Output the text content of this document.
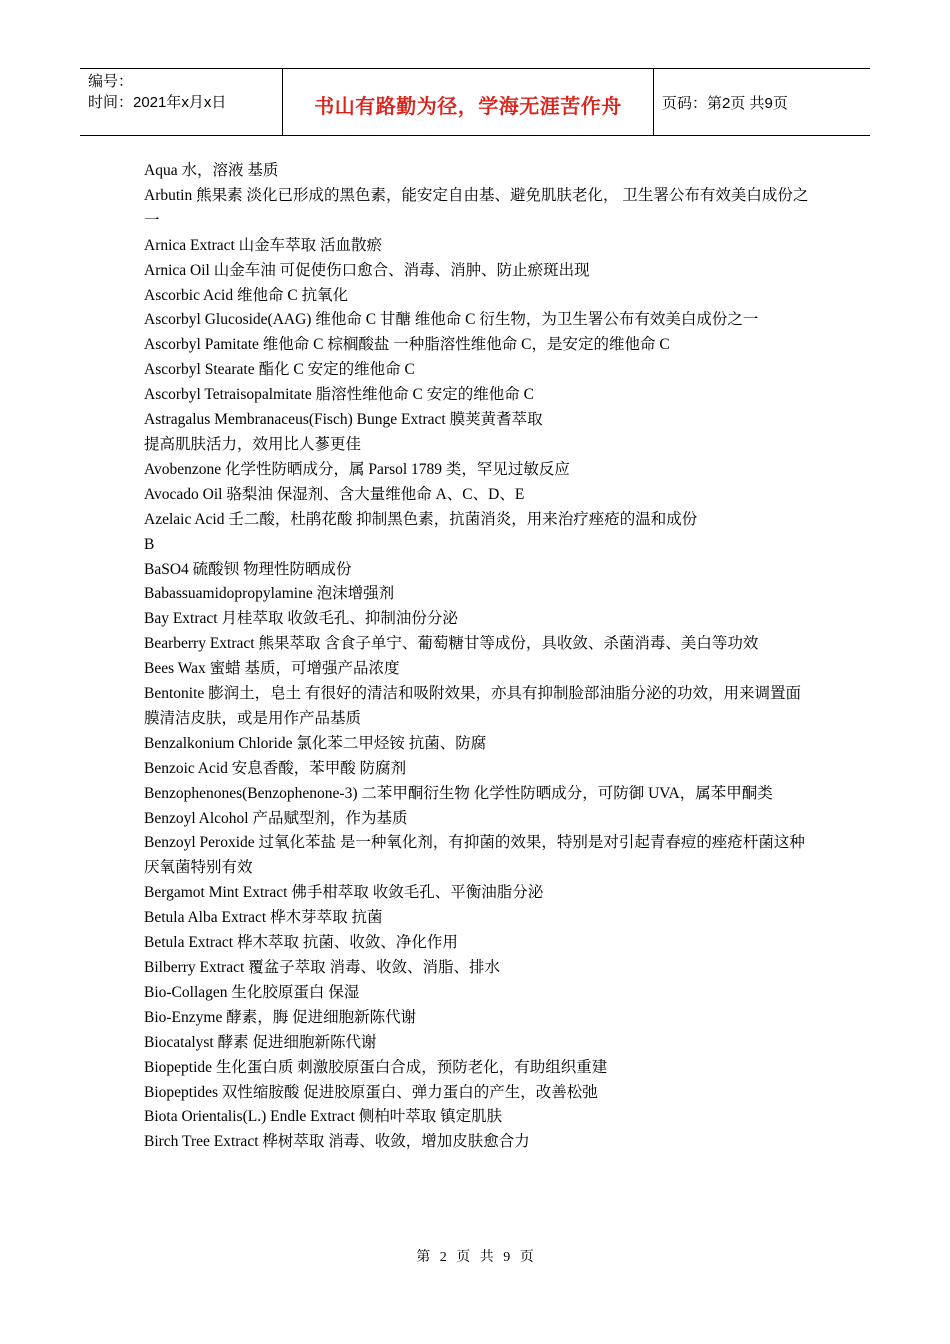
编号：
时间：2021年x月x日	书山有路勤为径，学海无涯苦作舟	页码：第2页 共9页

Aqua 水，溶液 基质

Arbutin 熊果素 淡化已形成的黑色素，能安定自由基、避免肌肤老化， 卫生署公布有效美白成份之一

Arnica Extract 山金车萃取 活血散瘀

Arnica Oil 山金车油 可促使伤口愈合、消毒、消肿、防止瘀斑出现

Ascorbic Acid 维他命 C 抗氧化

Ascorbyl Glucoside(AAG) 维他命 C 甘醣 维他命 C 衍生物，为卫生署公布有效美白成份之一

Ascorbyl Pamitate 维他命 C 棕榈酸盐 一种脂溶性维他命 C，是安定的维他命 C

Ascorbyl Stearate 酯化 C 安定的维他命 C

Ascorbyl Tetraisopalmitate 脂溶性维他命 C 安定的维他命 C

Astragalus Membranaceus(Fisch) Bunge Extract 膜荚黄耆萃取

提高肌肤活力，效用比人蔘更佳

Avobenzone 化学性防晒成分，属 Parsol 1789 类，罕见过敏反应

Avocado Oil 骆梨油 保湿剂、含大量维他命 A、C、D、E

Azelaic Acid 壬二酸，杜鹃花酸 抑制黑色素，抗菌消炎，用来治疗痤疮的温和成份

B

BaSO4 硫酸钡 物理性防晒成份

Babassuamidopropylamine 泡沫增强剂

Bay Extract 月桂萃取 收敛毛孔、抑制油份分泌

Bearberry Extract 熊果萃取 含食子单宁、葡萄糖甘等成份，具收敛、杀菌消毒、美白等功效

Bees Wax 蜜蜡 基质，可增强产品浓度

Bentonite 膨润土，皂土 有很好的清洁和吸附效果，亦具有抑制脸部油脂分泌的功效，用来调置面膜清洁皮肤，或是用作产品基质

Benzalkonium Chloride 氯化苯二甲烃铵 抗菌、防腐

Benzoic Acid 安息香酸，苯甲酸 防腐剂

Benzophenones(Benzophenone-3) 二苯甲酮衍生物 化学性防晒成分，可防御 UVA，属苯甲酮类

Benzoyl Alcohol 产品赋型剂，作为基质

Benzoyl Peroxide 过氧化苯盐 是一种氧化剂，有抑菌的效果，特别是对引起青春痘的痤疮杆菌这种厌氧菌特别有效

Bergamot Mint Extract 佛手柑萃取 收敛毛孔、平衡油脂分泌

Betula Alba Extract 桦木芽萃取 抗菌

Betula Extract 桦木萃取 抗菌、收敛、净化作用

Bilberry Extract 覆盆子萃取 消毒、收敛、消脂、排水

Bio-Collagen 生化胶原蛋白 保湿

Bio-Enzyme 酵素，脢 促进细胞新陈代谢

Biocatalyst 酵素 促进细胞新陈代谢

Biopeptide 生化蛋白质 刺激胶原蛋白合成，预防老化，有助组织重建

Biopeptides 双性缩胺酸 促进胶原蛋白、弹力蛋白的产生，改善松弛

Biota Orientalis(L.) Endle Extract 侧柏叶萃取 镇定肌肤

Birch Tree Extract 桦树萃取 消毒、收敛，增加皮肤愈合力

第 2 页 共 9 页
